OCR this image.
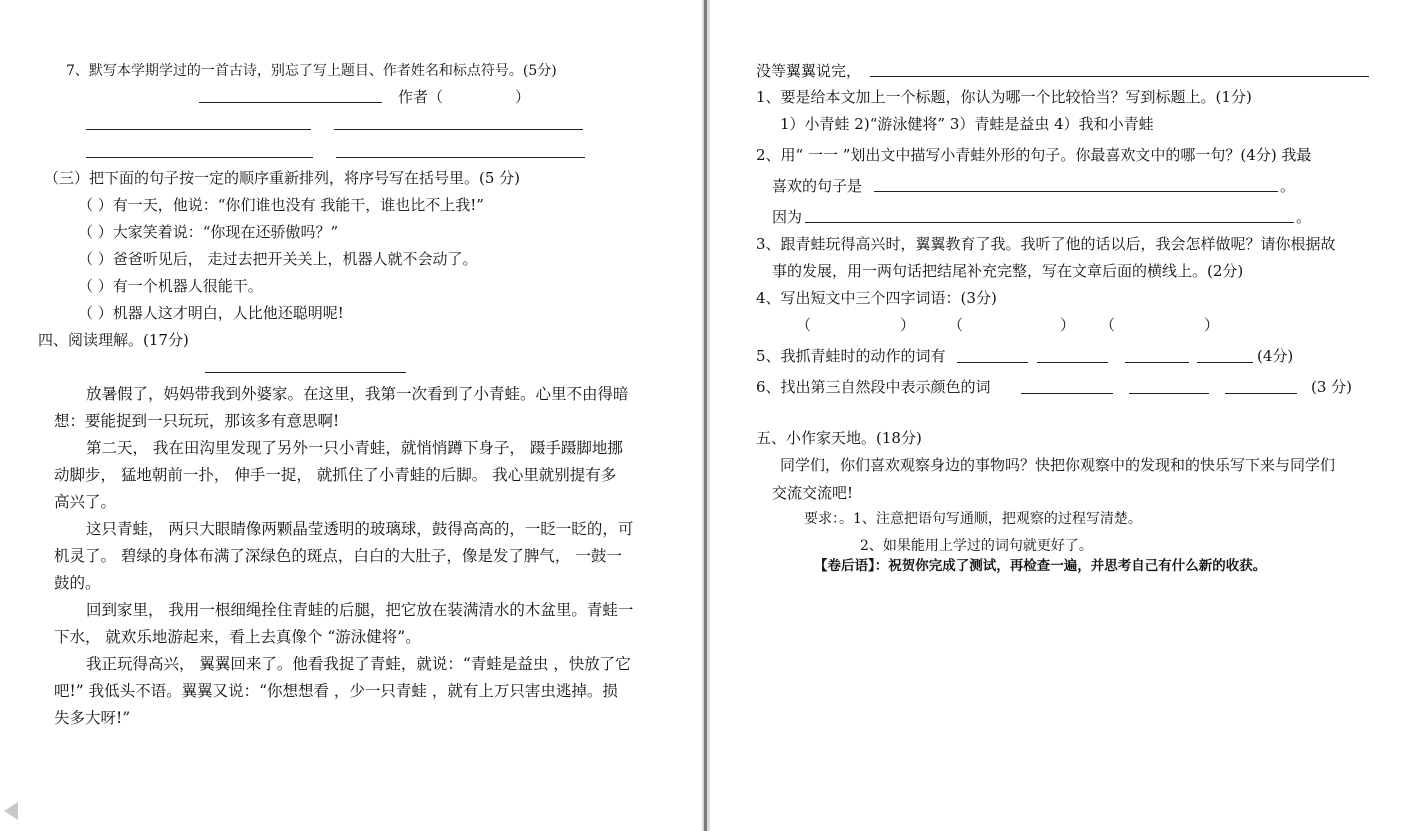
7、默写本学期学过的一首古诗，别忘了写上题目、作者姓名和标点符号。(5分)
作者（	）
（三）把下面的句子按一定的顺序重新排列，将序号写在括号里。(5 分)
（ ）有一天，他说：“你们谁也没有 我能干，谁也比不上我!”
（ ）大家笑着说：“你现在还骄傲吗？”
（ ）爸爸听见后， 走过去把开关关上，机器人就不会动了。
（ ）有一个机器人很能干。
（ ）机器人这才明白，人比他还聪明呢!
四、阅读理解。(17分)
放暑假了，妈妈带我到外婆家。在这里，我第一次看到了小青蛙。心里不由得暗
想：要能捉到一只玩玩，那该多有意思啊!
第二天， 我在田沟里发现了另外一只小青蛙，就悄悄蹲下身子， 蹑手蹑脚地挪
动脚步， 猛地朝前一扑， 伸手一捉， 就抓住了小青蛙的后脚。 我心里就别提有多
高兴了。
这只青蛙， 两只大眼睛像两颗晶莹透明的玻璃球，鼓得高高的，一眨一眨的，可
机灵了。 碧绿的身体布满了深绿色的斑点，白白的大肚子，像是发了脾气， 一鼓一
鼓的。
回到家里， 我用一根细绳拴住青蛙的后腿，把它放在装满清水的木盆里。青蛙一
下水， 就欢乐地游起来，看上去真像个 “游泳健将”。
我正玩得高兴， 翼翼回来了。他看我捉了青蛙，就说：“青蛙是益虫 ，快放了它
吧!” 我低头不语。翼翼又说：“你想想看 ，少一只青蛙 ，就有上万只害虫逃掉。损
失多大呀!”
没等翼翼说完，
1、要是给本文加上一个标题，你认为哪一个比较恰当？写到标题上。(1分)
1）小青蛙 2)“游泳健将” 3）青蛙是益虫 4）我和小青蛙
2、用“ 一一 ”划出文中描写小青蛙外形的句子。你最喜欢文中的哪一句？(4分) 我最
喜欢的句子是	。
因为	。
3、跟青蛙玩得高兴时，翼翼教育了我。我听了他的话以后，我会怎样做呢？请你根据故
事的发展，用一两句话把结尾补充完整，写在文章后面的横线上。(2分)
4、写出短文中三个四字词语：(3分)
（	） （	） （	）
5、我抓青蛙时的动作的词有	(4分)
6、找出第三自然段中表示颜色的词	(3 分)
五、小作家天地。(18分)
同学们，你们喜欢观察身边的事物吗？快把你观察中的发现和的快乐写下来与同学们
交流交流吧!
要求：。1、注意把语句写通顺，把观察的过程写清楚。
2、如果能用上学过的词句就更好了。
【卷后语】：祝贺你完成了测试，再检查一遍，并思考自己有什么新的收获。
